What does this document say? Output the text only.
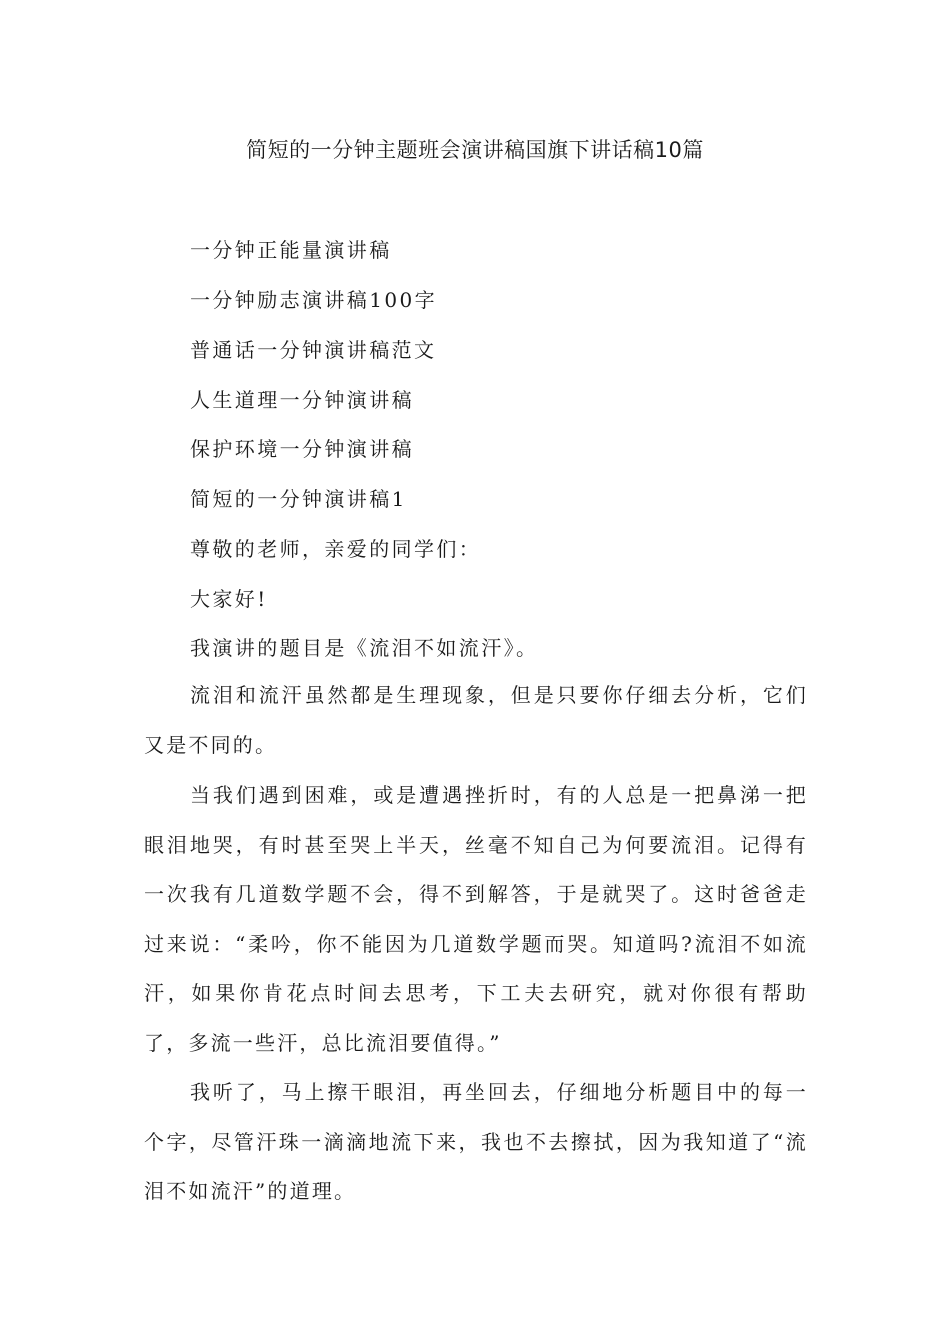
简短的一分钟主题班会演讲稿国旗下讲话稿10篇
一分钟正能量演讲稿
一分钟励志演讲稿100字
普通话一分钟演讲稿范文
人生道理一分钟演讲稿
保护环境一分钟演讲稿
简短的一分钟演讲稿1
尊敬的老师，亲爱的同学们：
大家好!
我演讲的题目是《流泪不如流汗》。

流泪和流汗虽然都是生理现象，但是只要你仔细去分析，它们又是不同的。

当我们遇到困难，或是遭遇挫折时，有的人总是一把鼻涕一把眼泪地哭，有时甚至哭上半天，丝毫不知自己为何要流泪。记得有一次我有几道数学题不会，得不到解答，于是就哭了。这时爸爸走过来说：“柔吟，你不能因为几道数学题而哭。知道吗?流泪不如流汗，如果你肯花点时间去思考，下工夫去研究，就对你很有帮助了，多流一些汗，总比流泪要值得。”

我听了，马上擦干眼泪，再坐回去，仔细地分析题目中的每一个字，尽管汗珠一滴滴地流下来，我也不去擦拭，因为我知道了“流泪不如流汗”的道理。
